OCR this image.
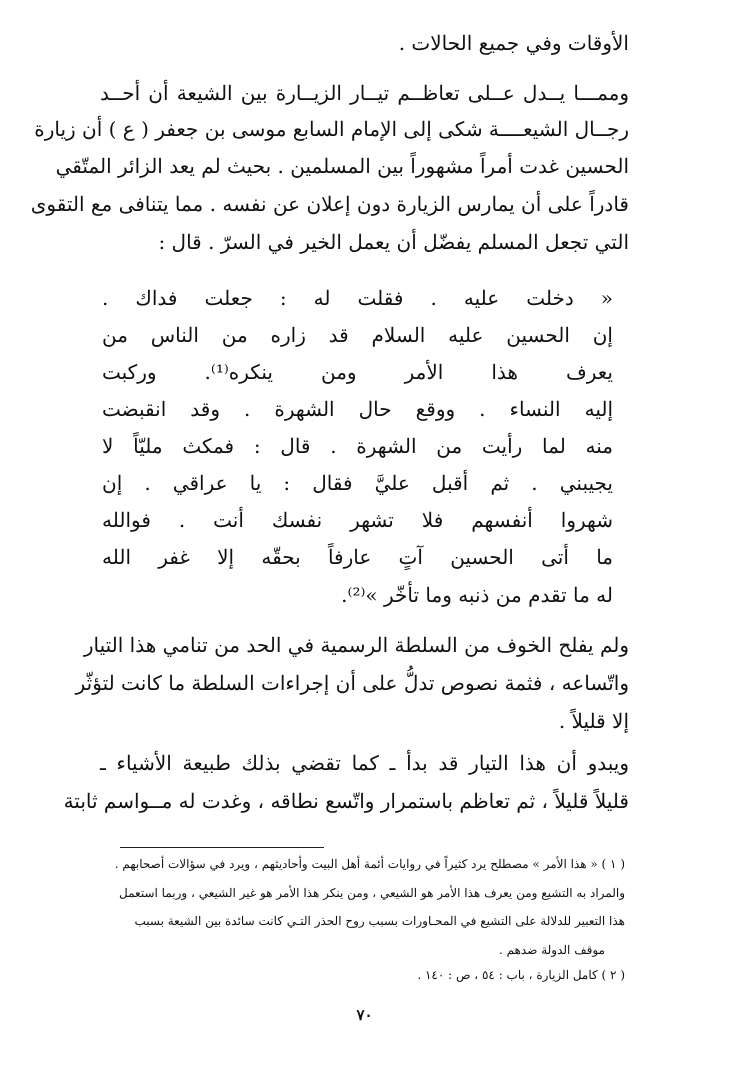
الأوقات وفي جميع الحالات .

وممـــا يــدل عــلى تعاظــم تيــار الزيــارة بين الشيعة أن أحــد

رجــال الشيعــــة شكى إلى الإمام السابع موسى بن جعفر ( ع ) أن زيارة

الحسين غدت أمراً مشهوراً بين المسلمين . بحيث لم يعد الزائر المتّقي

قادراً على أن يمارس الزيارة دون إعلان عن نفسه . مما يتنافى مع التقوى

التي تجعل المسلم يفضّل أن يعمل الخير في السرّ . قال :

« دخلت عليه . فقلت له : جعلت فداك .

إن الحسين عليه السلام قد زاره من الناس من

يعرف هذا الأمر ومن ينكره⁽¹⁾. وركبت

إليه النساء . ووقع حال الشهرة . وقد انقبضت

منه لما رأيت من الشهرة . قال : فمكث مليّاً لا

يجيبني . ثم أقبل عليَّ فقال : يا عراقي . إن

شهروا أنفسهم فلا تشهر نفسك أنت . فوالله

ما أتى الحسين آتٍ عارفاً بحقّه إلا غفر الله

له ما تقدم من ذنبه وما تأخّر »⁽²⁾.

ولم يفلح الخوف من السلطة الرسمية في الحد من تنامي هذا التيار

واتّساعه ، فثمة نصوص تدلُّ على أن إجراءات السلطة ما كانت لتؤثّر

إلا قليلاً .

ويبدو أن هذا التيار قد بدأ ـ كما تقضي بذلك طبيعة الأشياء ـ

قليلاً قليلاً ، ثم تعاظم باستمرار واتّسع نطاقه ، وغدت له مــواسم ثابتة

( ١ ) « هذا الأمر » مصطلح يرد كثيراً في روايات أئمة أهل البيت وأحاديثهم ، ويرد في سؤالات أصحابهم .

والمراد به التشيع ومن يعرف هذا الأمر هو الشيعي ، ومن ينكر هذا الأمر هو غير الشيعي ، وربما استعمل

هذا التعبير للدلالة على التشيع في المحـاورات بسبب روح الحذر التـي كانت سائدة بين الشيعة بسبب

موقف الدولة ضدهم .

( ٢ ) كامل الزيارة ، باب : ٥٤ ، ص : ١٤٠ .

٧٠
